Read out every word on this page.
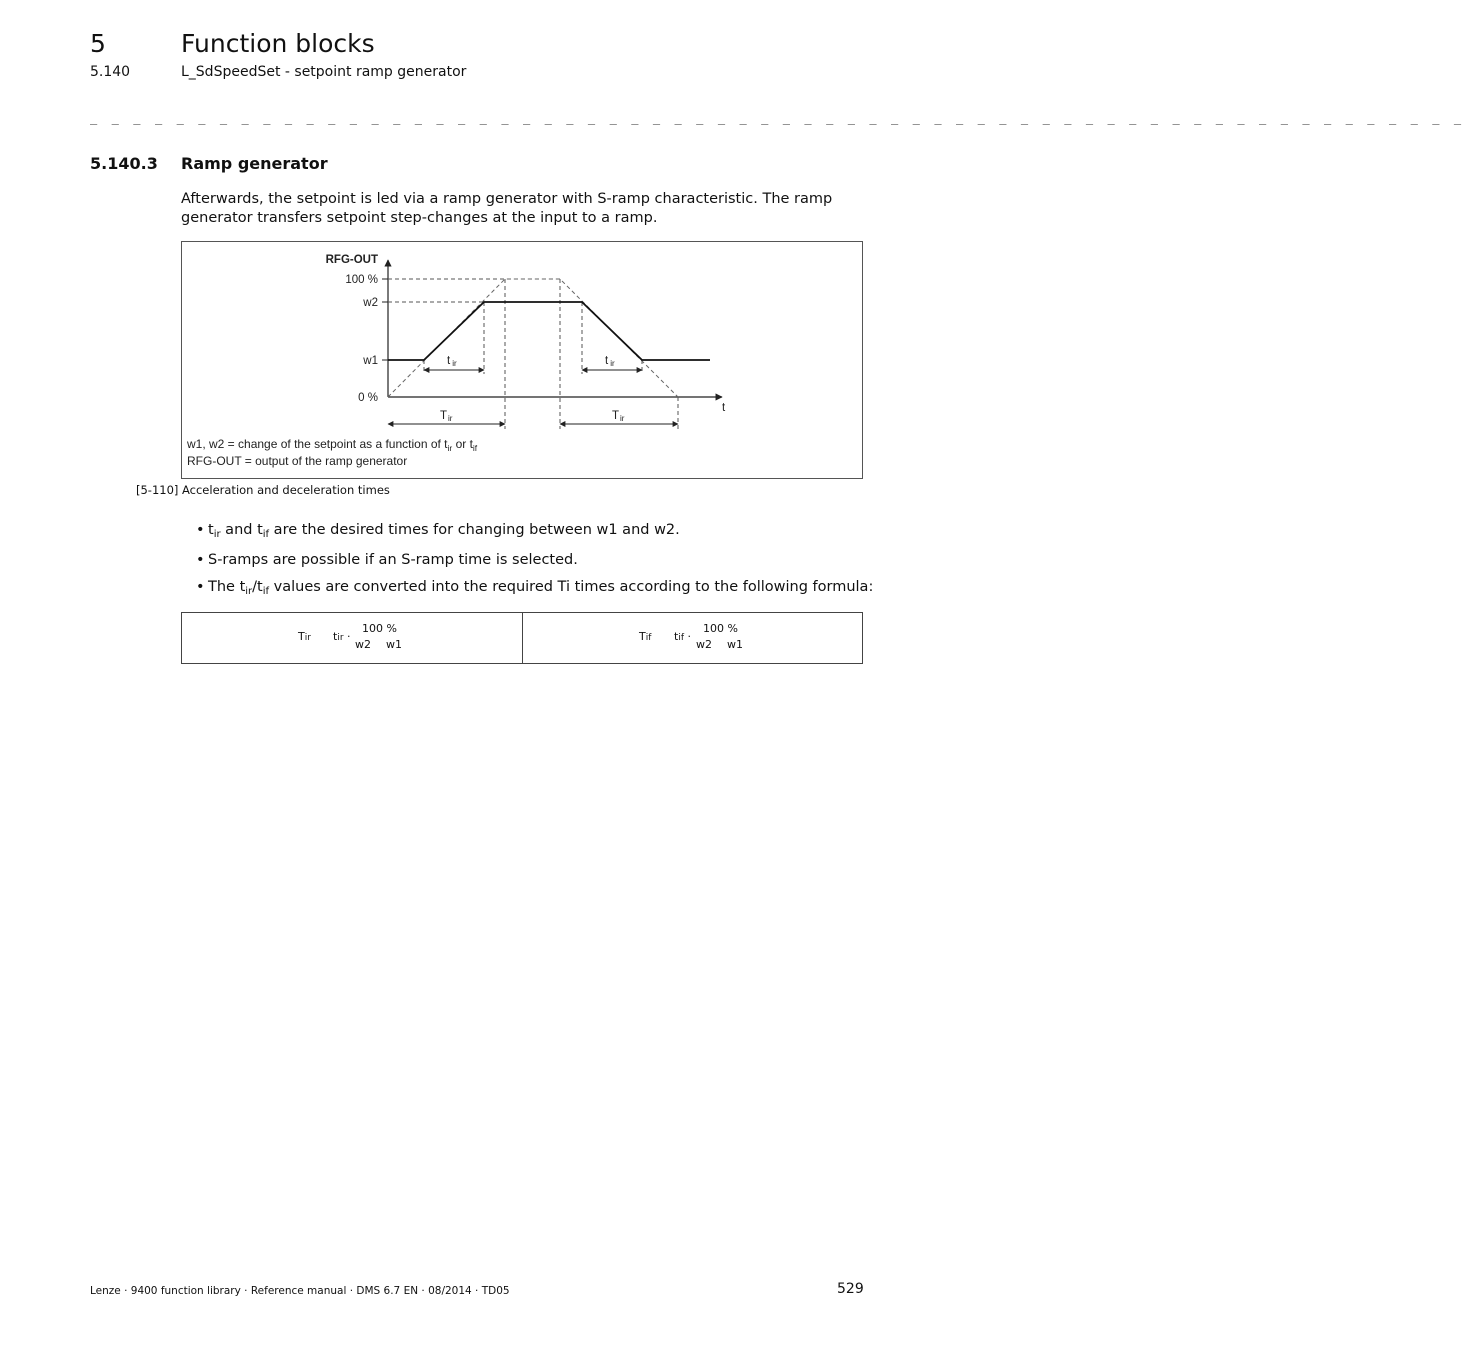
5	Function blocks
5.140	L_SdSpeedSet - setpoint ramp generator
_ _ _ _ _ _ _ _ _ _ _ _ _ _ _ _ _ _ _ _ _ _ _ _ _ _ _ _ _ _ _ _ _ _ _ _ _ _ _ _ _ _ _ _ _ _ _ _ _ _ _ _ _ _ _ _ _ _ _ _ _ _ _ _
5.140.3 Ramp generator
Afterwards, the setpoint is led via a ramp generator with S-ramp characteristic. The ramp generator transfers setpoint step-changes at the input to a ramp.
RFG-OUT
100 %
w2
w1
0 %
t
t ir	t ir
Tir	Tir
w1, w2 = change of the setpoint as a function of $t_{ir}$ or $t_{if}$
RFG-OUT = output of the ramp generator
[5-110] Acceleration and deceleration times
• $t_{ir}$ and $t_{if}$ are the desired times for changing between w1 and w2.
• S-ramps are possible if an S-ramp time is selected.
• The $t_{ir}/t_{if}$ values are converted into the required Ti times according to the following formula:
Tir tir ·
100 %
w2 w1
Tif tif ·
100 %
w2 w1
Lenze · 9400 function library · Reference manual · DMS 6.7 EN · 08/2014 · TD05	529
